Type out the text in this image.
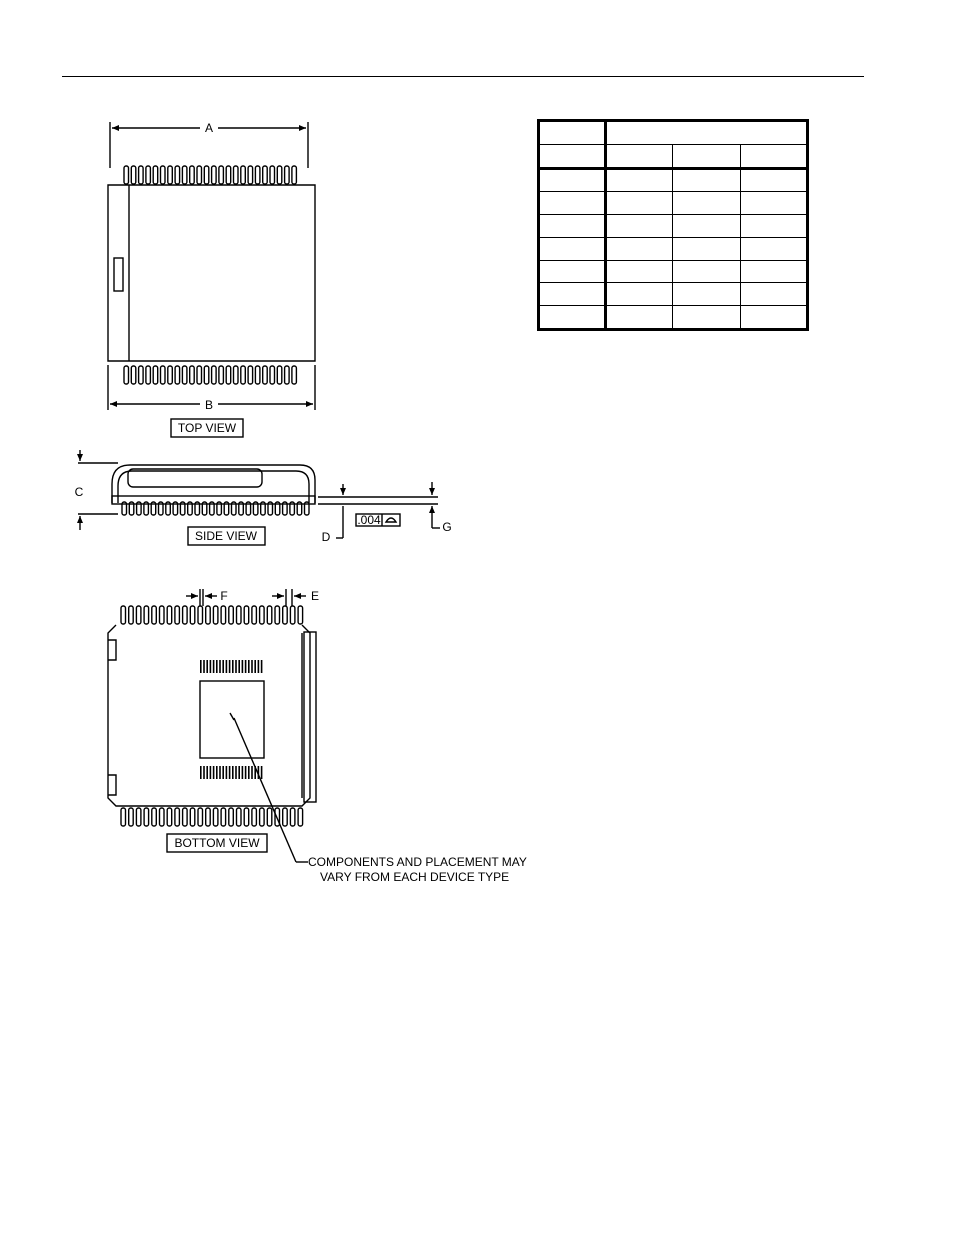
A
B
TOP VIEW
C
D
G
.004
SIDE VIEW
F	E
BOTTOM VIEW
COMPONENTS AND PLACEMENT MAY
VARY FROM EACH DEVICE TYPE
